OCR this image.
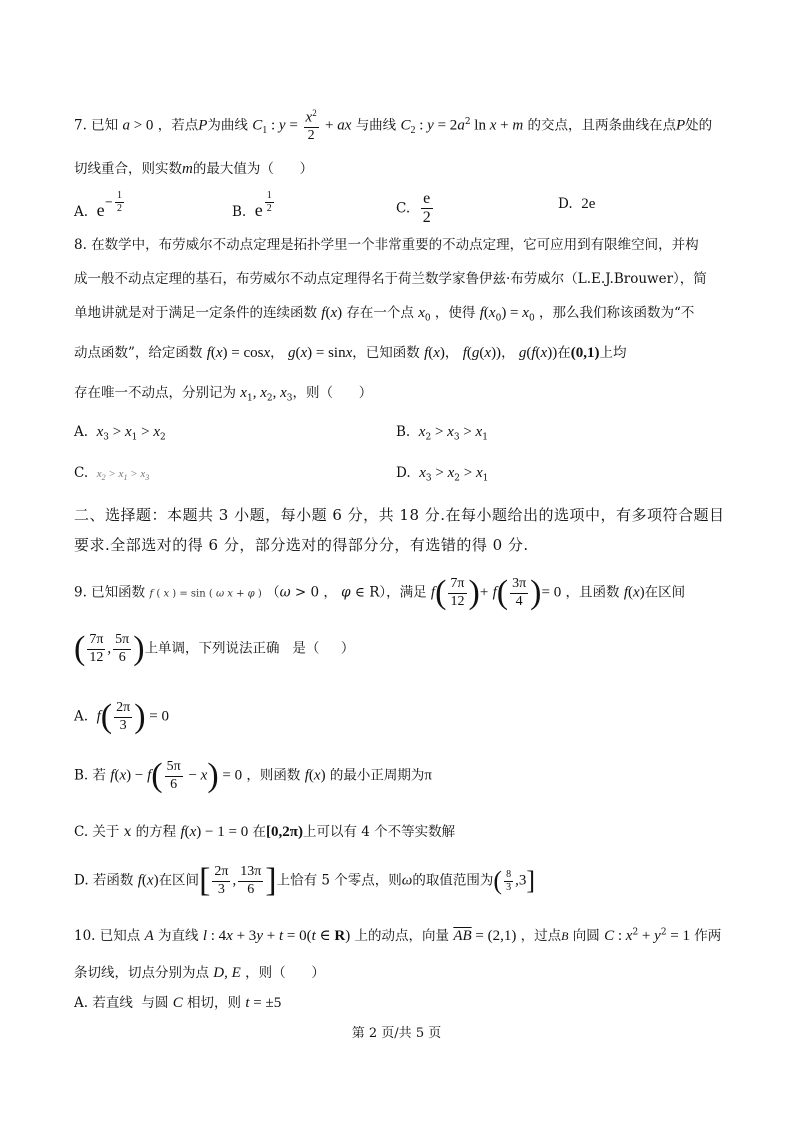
7. 已知 a > 0 ，若点P为曲线 $C_1$ : $y = \frac{x^2}{2}$ + ax 与曲线 $C_2$ : $y = 2a^2$ ln x + m 的交点，且两条曲线在点P处的
切线重合，则实数m的最大值为（      ）
A.  $e^{- \frac{1}{2}}$	B.  e $^{\frac{1}{2}}$	C. $\frac{e}{2}$	D.  2e
8. 在数学中，布劳威尔不动点定理是拓扑学里一个非常重要的不动点定理，它可应用到有限维空间，并构
成一般不动点定理的基石，布劳威尔不动点定理得名于荷兰数学家鲁伊兹·布劳威尔（L.E.J.Brouwer），简
单地讲就是对于满足一定条件的连续函数 f(x) 存在一个点 $x_0$ ，使得 $f(x_0) = x_0$ ，那么我们称该函数为“不
动点函数”，给定函数 f(x) = cosx， g(x) = sinx，已知函数 f(x)， f(g(x))， g(f(x))在(0,1)上均
存在唯一不动点，分别记为 $x_1$, $x_2$, $x_3$，则（      ）
A.  $x_3 > x_1 > x_2$	B.  $x_2 > x_3 > x_1$
C.  $x_2 > x_1 > x_3$	D.  $x_3 > x_2 > x_1$
二、选择题：本题共 3 小题，每小题 6 分，共 18 分.在每小题给出的选项中，有多项符合题目
要求.全部选对的得 6 分，部分选对的得部分分，有选错的得 0 分.
9. 已知函数 f ( x ) = sin ( ω x + φ ) （ω > 0 ， φ ∈ R），满足 $f( \frac{7\pi}{12}$ )+ $f( \frac{3\pi}{4}$ )= 0 ，且函数 f(x)在区间
( $\frac{7\pi}{12}$ , $\frac{5\pi}{6}$ )上单调，下列说法正确   是（     ）
A.  $f( \frac{2\pi}{3}$ ) = 0
B. 若 $f(x) - f( \frac{5\pi}{6} - x) = 0$ ，则函数 f(x) 的最小正周期为π
C. 关于 x 的方程 f(x) − 1 = 0 在[0,2π)上可以有 4 个不等实数解
D. 若函数 f(x)在区间[ $\frac{2\pi}{3}$ , $\frac{13\pi}{6}$ ]上恰有 5 个零点，则ω的取值范围为( $\frac{8}{3} ,3$]
10. 已知点 A 为直线 l : 4x + 3y + t = 0(t ∈ R) 上的动点，向量 $\overline{AB} = (2,1)$ ，过点B 向圆 C : $x^2 + y^2 = 1$ 作两
条切线，切点分别为点 D, E ，则（      ）
A. 若直线  与圆 C 相切，则 t = ±5
第 2 页/共 5 页
